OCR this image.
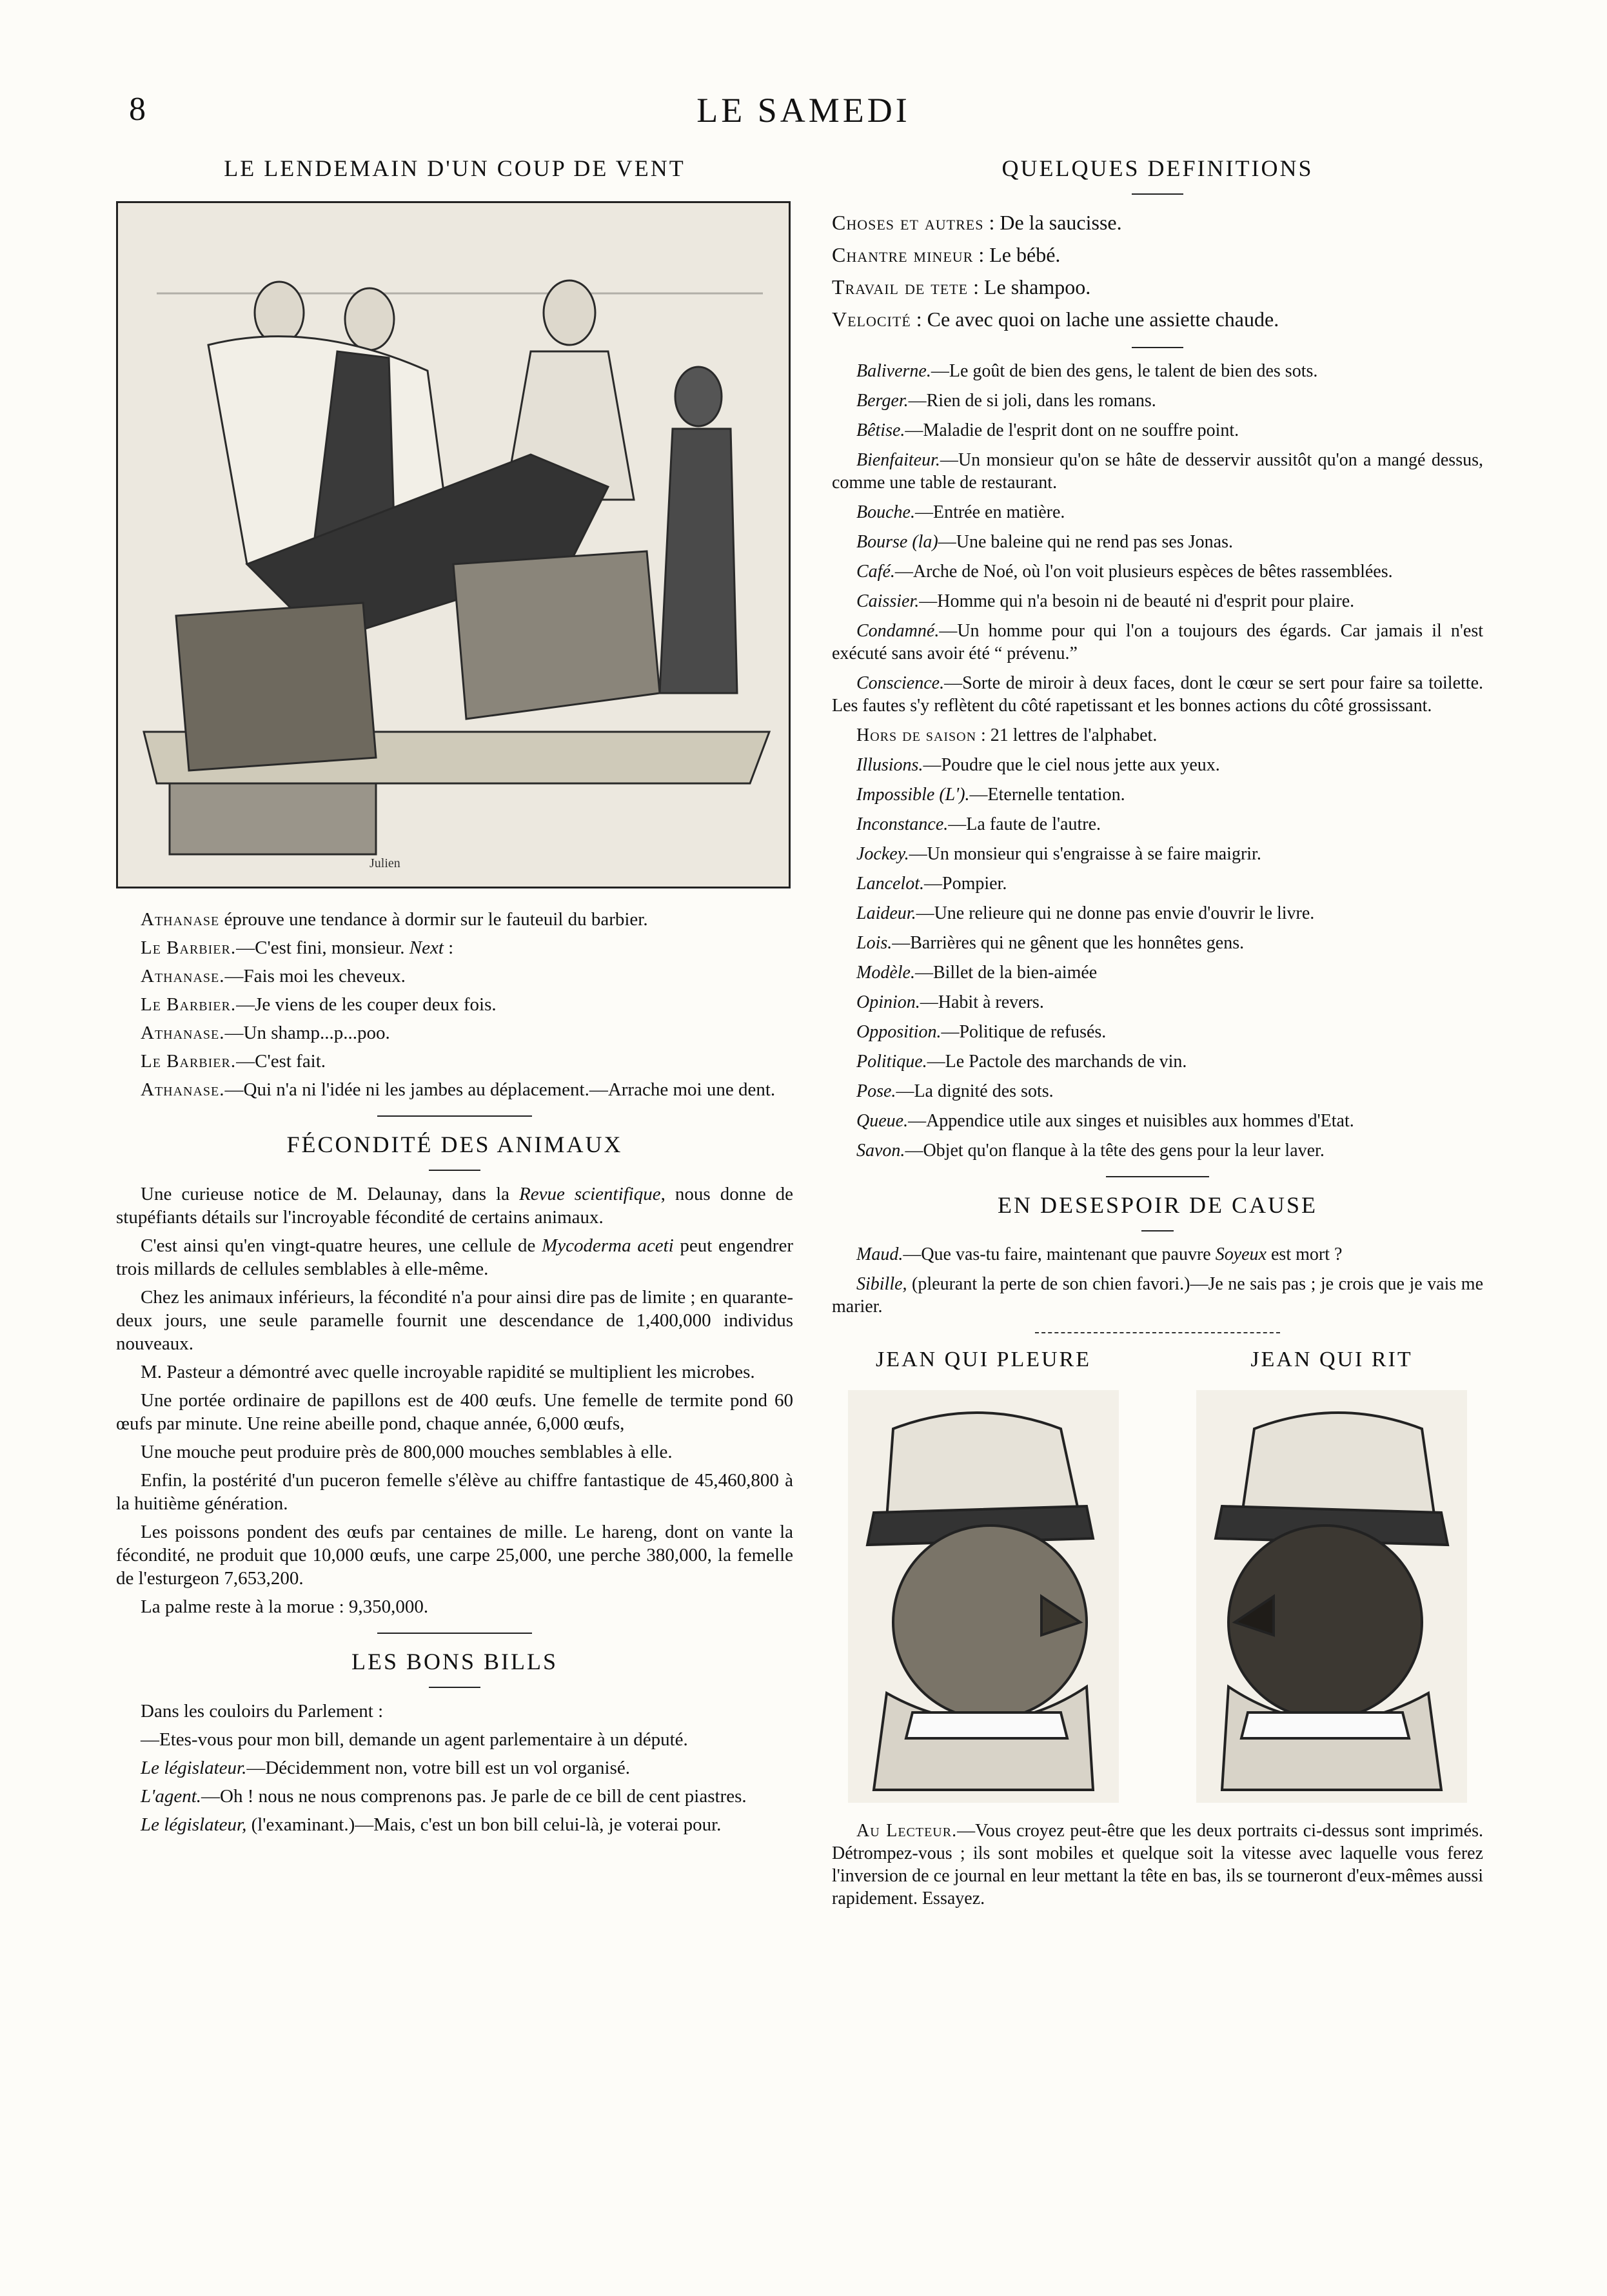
8	LE SAMEDI
LE LENDEMAIN D'UN COUP DE VENT
Julien

Athanase éprouve une tendance à dormir sur le fauteuil du barbier.

Le Barbier.—C'est fini, monsieur. Next :

Athanase.—Fais moi les cheveux.

Le Barbier.—Je viens de les couper deux fois.

Athanase.—Un shamp...p...poo.

Le Barbier.—C'est fait.

Athanase.—Qui n'a ni l'idée ni les jambes au déplacement.—Arrache moi une dent.

FÉCONDITÉ DES ANIMAUX

Une curieuse notice de M. Delaunay, dans la Revue scientifique, nous donne de stupéfiants détails sur l'incroyable fécondité de certains animaux.

C'est ainsi qu'en vingt-quatre heures, une cellule de Mycoderma aceti peut engendrer trois millards de cellules semblables à elle-même.

Chez les animaux inférieurs, la fécondité n'a pour ainsi dire pas de limite ; en quarante-deux jours, une seule paramelle fournit une descendance de 1,400,000 individus nouveaux.

M. Pasteur a démontré avec quelle incroyable rapidité se multiplient les microbes.

Une portée ordinaire de papillons est de 400 œufs. Une femelle de termite pond 60 œufs par minute. Une reine abeille pond, chaque année, 6,000 œufs,

Une mouche peut produire près de 800,000 mouches semblables à elle.

Enfin, la postérité d'un puceron femelle s'élève au chiffre fantastique de 45,460,800 à la huitième génération.

Les poissons pondent des œufs par centaines de mille. Le hareng, dont on vante la fécondité, ne produit que 10,000 œufs, une carpe 25,000, une perche 380,000, la femelle de l'esturgeon 7,653,200.

La palme reste à la morue : 9,350,000.

LES BONS BILLS

Dans les couloirs du Parlement :

—Etes-vous pour mon bill, demande un agent parlementaire à un député.

Le législateur.—Décidemment non, votre bill est un vol organisé.

L'agent.—Oh ! nous ne nous comprenons pas. Je parle de ce bill de cent piastres.

Le législateur, (l'examinant.)—Mais, c'est un bon bill celui-là, je voterai pour.

QUELQUES DEFINITIONS

Choses et autres : De la saucisse.

Chantre mineur : Le bébé.

Travail de tete : Le shampoo.

Velocité : Ce avec quoi on lache une assiette chaude.

Baliverne.—Le goût de bien des gens, le talent de bien des sots.

Berger.—Rien de si joli, dans les romans.

Bêtise.—Maladie de l'esprit dont on ne souffre point.

Bienfaiteur.—Un monsieur qu'on se hâte de desservir aussitôt qu'on a mangé dessus, comme une table de restaurant.

Bouche.—Entrée en matière.

Bourse (la)—Une baleine qui ne rend pas ses Jonas.

Café.—Arche de Noé, où l'on voit plusieurs espèces de bêtes rassemblées.

Caissier.—Homme qui n'a besoin ni de beauté ni d'esprit pour plaire.

Condamné.—Un homme pour qui l'on a toujours des égards. Car jamais il n'est exécuté sans avoir été “ prévenu.”

Conscience.—Sorte de miroir à deux faces, dont le cœur se sert pour faire sa toilette. Les fautes s'y reflètent du côté rapetissant et les bonnes actions du côté grossissant.

Hors de saison : 21 lettres de l'alphabet.

Illusions.—Poudre que le ciel nous jette aux yeux.

Impossible (L').—Eternelle tentation.

Inconstance.—La faute de l'autre.

Jockey.—Un monsieur qui s'engraisse à se faire maigrir.

Lancelot.—Pompier.

Laideur.—Une relieure qui ne donne pas envie d'ouvrir le livre.

Lois.—Barrières qui ne gênent que les honnêtes gens.

Modèle.—Billet de la bien-aimée

Opinion.—Habit à revers.

Opposition.—Politique de refusés.

Politique.—Le Pactole des marchands de vin.

Pose.—La dignité des sots.

Queue.—Appendice utile aux singes et nuisibles aux hommes d'Etat.

Savon.—Objet qu'on flanque à la tête des gens pour la leur laver.

EN DESESPOIR DE CAUSE

Maud.—Que vas-tu faire, maintenant que pauvre Soyeux est mort ?

Sibille, (pleurant la perte de son chien favori.)—Je ne sais pas ; je crois que je vais me marier.

JEAN QUI PLEURE	JEAN QUI RIT

Au Lecteur.—Vous croyez peut-être que les deux portraits ci-dessus sont imprimés. Détrompez-vous ; ils sont mobiles et quelque soit la vitesse avec laquelle vous ferez l'inversion de ce journal en leur mettant la tête en bas, ils se tourneront d'eux-mêmes aussi rapidement. Essayez.
